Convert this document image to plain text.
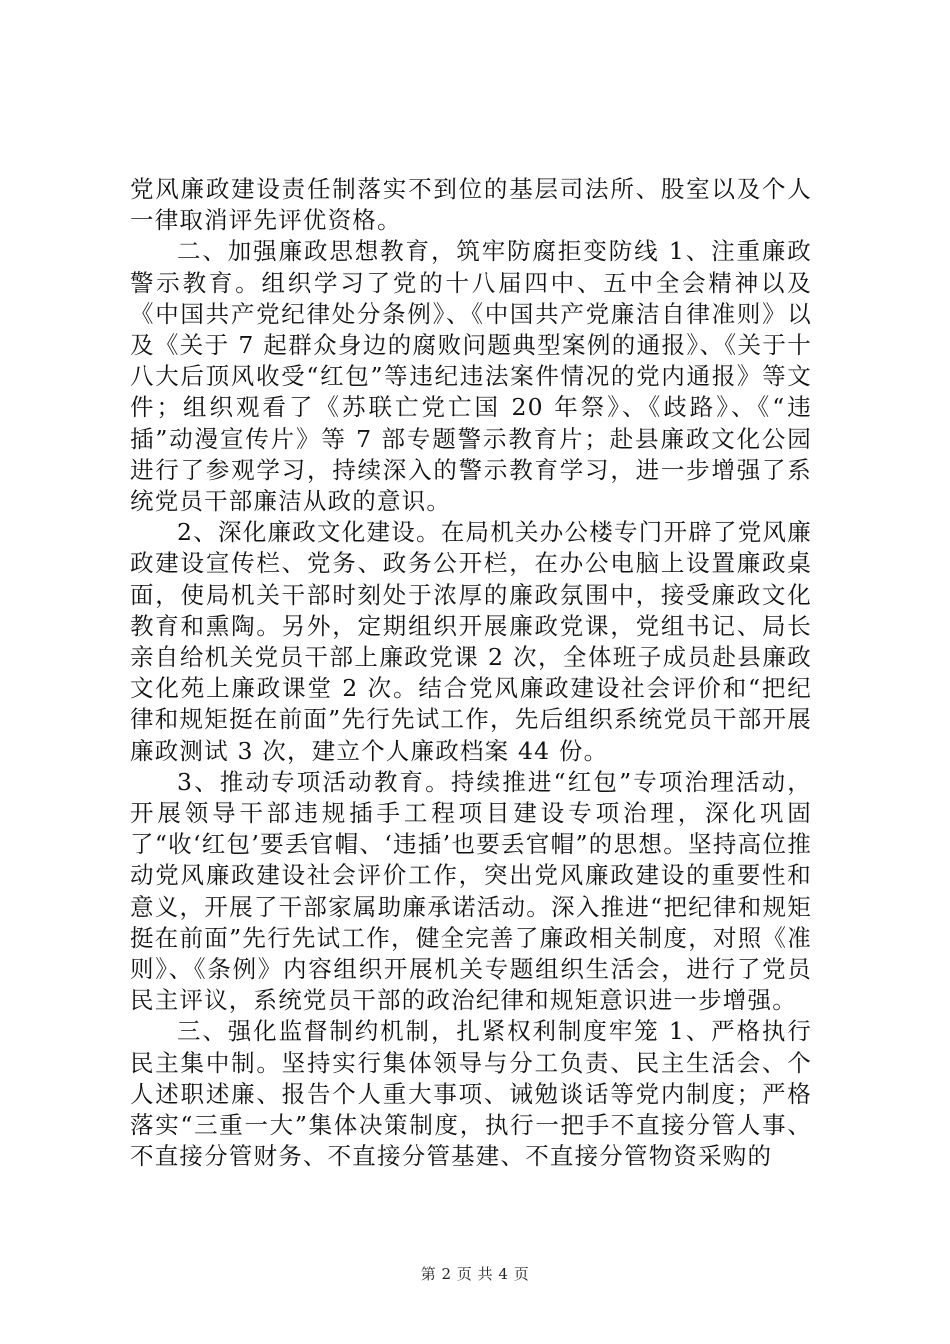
党风廉政建设责任制落实不到位的基层司法所、股室以及个人一律取消评先评优资格。

二、加强廉政思想教育，筑牢防腐拒变防线 1、注重廉政警示教育。组织学习了党的十八届四中、五中全会精神以及《中国共产党纪律处分条例》、《中国共产党廉洁自律准则》以及《关于 7 起群众身边的腐败问题典型案例的通报》、《关于十八大后顶风收受“红包”等违纪违法案件情况的党内通报》等文件；组织观看了《苏联亡党亡国 20 年祭》、《歧路》、《“违插”动漫宣传片》等 7 部专题警示教育片；赴县廉政文化公园进行了参观学习，持续深入的警示教育学习，进一步增强了系统党员干部廉洁从政的意识。

2、深化廉政文化建设。在局机关办公楼专门开辟了党风廉政建设宣传栏、党务、政务公开栏，在办公电脑上设置廉政桌面，使局机关干部时刻处于浓厚的廉政氛围中，接受廉政文化教育和熏陶。另外，定期组织开展廉政党课，党组书记、局长亲自给机关党员干部上廉政党课 2 次，全体班子成员赴县廉政文化苑上廉政课堂 2 次。结合党风廉政建设社会评价和“把纪律和规矩挺在前面”先行先试工作，先后组织系统党员干部开展廉政测试 3 次，建立个人廉政档案 44 份。

3、推动专项活动教育。持续推进“红包”专项治理活动，开展领导干部违规插手工程项目建设专项治理，深化巩固了“收‘红包’要丢官帽、‘违插’也要丢官帽”的思想。坚持高位推动党风廉政建设社会评价工作，突出党风廉政建设的重要性和意义，开展了干部家属助廉承诺活动。深入推进“把纪律和规矩挺在前面”先行先试工作，健全完善了廉政相关制度，对照《准则》、《条例》内容组织开展机关专题组织生活会，进行了党员民主评议，系统党员干部的政治纪律和规矩意识进一步增强。

三、强化监督制约机制，扎紧权利制度牢笼 1、严格执行民主集中制。坚持实行集体领导与分工负责、民主生活会、个人述职述廉、报告个人重大事项、诫勉谈话等党内制度；严格落实“三重一大”集体决策制度，执行一把手不直接分管人事、不直接分管财务、不直接分管基建、不直接分管物资采购的

第 2 页 共 4 页
